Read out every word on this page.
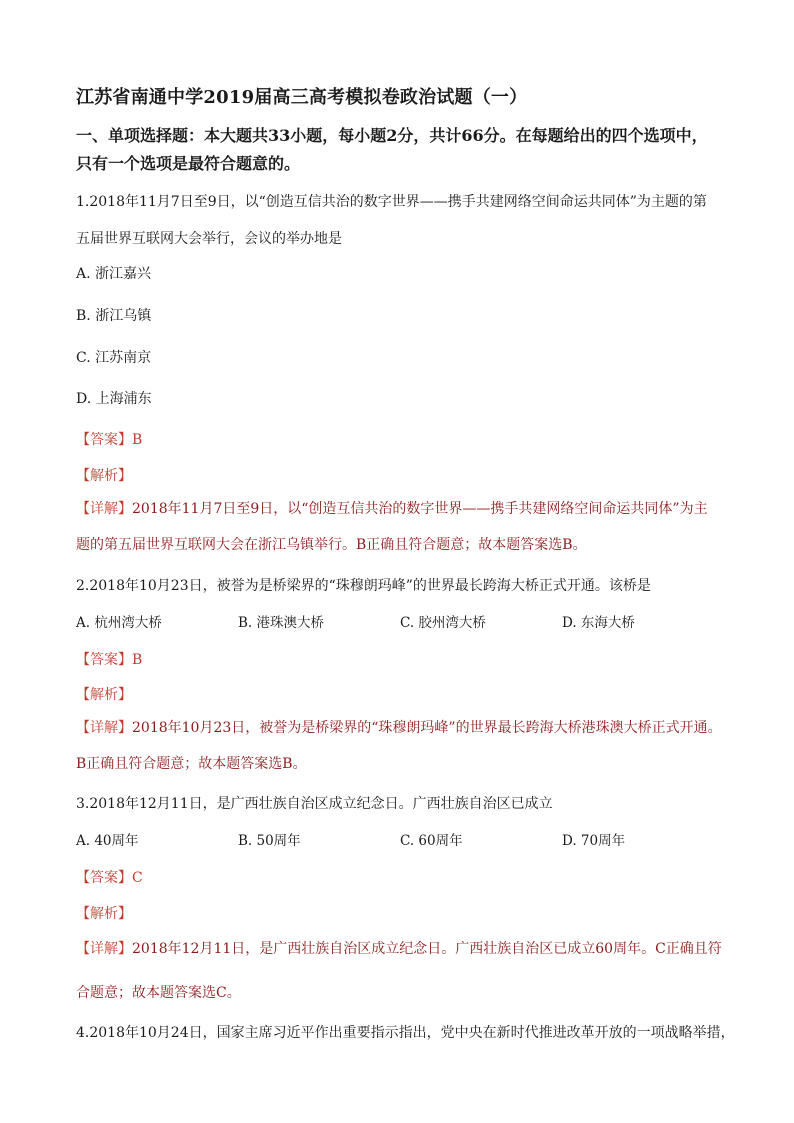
江苏省南通中学2019届高三高考模拟卷政治试题（一）
一、单项选择题：本大题共33小题，每小题2分，共计66分。在每题给出的四个选项中，
只有一个选项是最符合题意的。
1.2018年11月7日至9日，以“创造互信共治的数字世界——携手共建网络空间命运共同体”为主题的第
五届世界互联网大会举行，会议的举办地是
A. 浙江嘉兴
B. 浙江乌镇
C. 江苏南京
D. 上海浦东
【答案】B
【解析】
【详解】2018年11月7日至9日，以“创造互信共治的数字世界——携手共建网络空间命运共同体”为主
题的第五届世界互联网大会在浙江乌镇举行。B正确且符合题意；故本题答案选B。
2.2018年10月23日，被誉为是桥梁界的“珠穆朗玛峰”的世界最长跨海大桥正式开通。该桥是
A. 杭州湾大桥	B. 港珠澳大桥	C. 胶州湾大桥	D. 东海大桥
【答案】B
【解析】
【详解】2018年10月23日，被誉为是桥梁界的“珠穆朗玛峰”的世界最长跨海大桥港珠澳大桥正式开通。
B正确且符合题意；故本题答案选B。
3.2018年12月11日，是广西壮族自治区成立纪念日。广西壮族自治区已成立
A. 40周年	B. 50周年	C. 60周年	D. 70周年
【答案】C
【解析】
【详解】2018年12月11日，是广西壮族自治区成立纪念日。广西壮族自治区已成立60周年。C正确且符
合题意；故本题答案选C。
4.2018年10月24日，国家主席习近平作出重要指示指出，党中央在新时代推进改革开放的一项战略举措，
